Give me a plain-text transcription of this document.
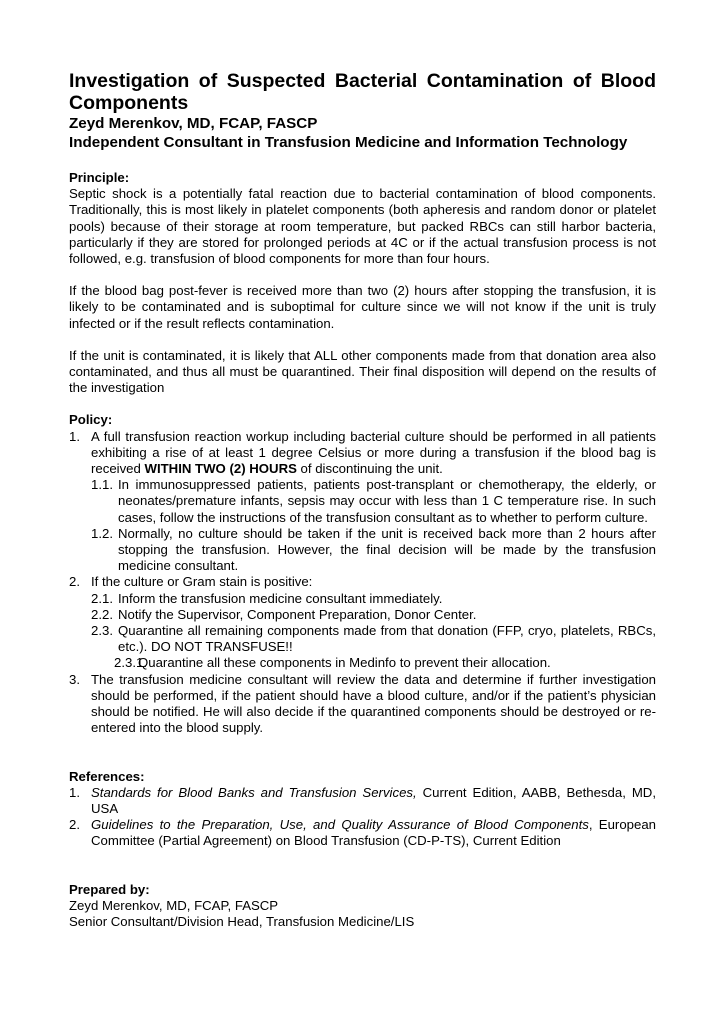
Investigation of Suspected Bacterial Contamination of Blood
Components
Zeyd Merenkov, MD, FCAP, FASCP
Independent Consultant in Transfusion Medicine and Information Technology
Principle:

Septic shock is a potentially fatal reaction due to bacterial contamination of blood components. Traditionally, this is most likely in platelet components (both apheresis and random donor or platelet pools) because of their storage at room temperature, but packed RBCs can still harbor bacteria, particularly if they are stored for prolonged periods at 4C or if the actual transfusion process is not followed, e.g. transfusion of blood components for more than four hours.

If the blood bag post-fever is received more than two (2) hours after stopping the transfusion, it is likely to be contaminated and is suboptimal for culture since we will not know if the unit is truly infected or if the result reflects contamination.

If the unit is contaminated, it is likely that ALL other components made from that donation area also contaminated, and thus all must be quarantined. Their final disposition will depend on the results of the investigation

Policy:
1. A full transfusion reaction workup including bacterial culture should be performed in all patients exhibiting a rise of at least 1 degree Celsius or more during a transfusion if the blood bag is received WITHIN TWO (2) HOURS of discontinuing the unit.
1.1. In immunosuppressed patients, patients post-transplant or chemotherapy, the elderly, or neonates/premature infants, sepsis may occur with less than 1 C temperature rise. In such cases, follow the instructions of the transfusion consultant as to whether to perform culture.
1.2. Normally, no culture should be taken if the unit is received back more than 2 hours after stopping the transfusion. However, the final decision will be made by the transfusion medicine consultant.
2. If the culture or Gram stain is positive:
2.1. Inform the transfusion medicine consultant immediately.
2.2. Notify the Supervisor, Component Preparation, Donor Center.
2.3. Quarantine all remaining components made from that donation (FFP, cryo, platelets, RBCs, etc.). DO NOT TRANSFUSE!!
2.3.1.
Quarantine all these components in Medinfo to prevent their allocation.
3. The transfusion medicine consultant will review the data and determine if further investigation should be performed, if the patient should have a blood culture, and/or if the patient’s physician should be notified. He will also decide if the quarantined components should be destroyed or re-entered into the blood supply.
References:
1. Standards for Blood Banks and Transfusion Services, Current Edition, AABB, Bethesda, MD, USA
2. Guidelines to the Preparation, Use, and Quality Assurance of Blood Components, European Committee (Partial Agreement) on Blood Transfusion (CD-P-TS), Current Edition
Prepared by:
Zeyd Merenkov, MD, FCAP, FASCP
Senior Consultant/Division Head, Transfusion Medicine/LIS
